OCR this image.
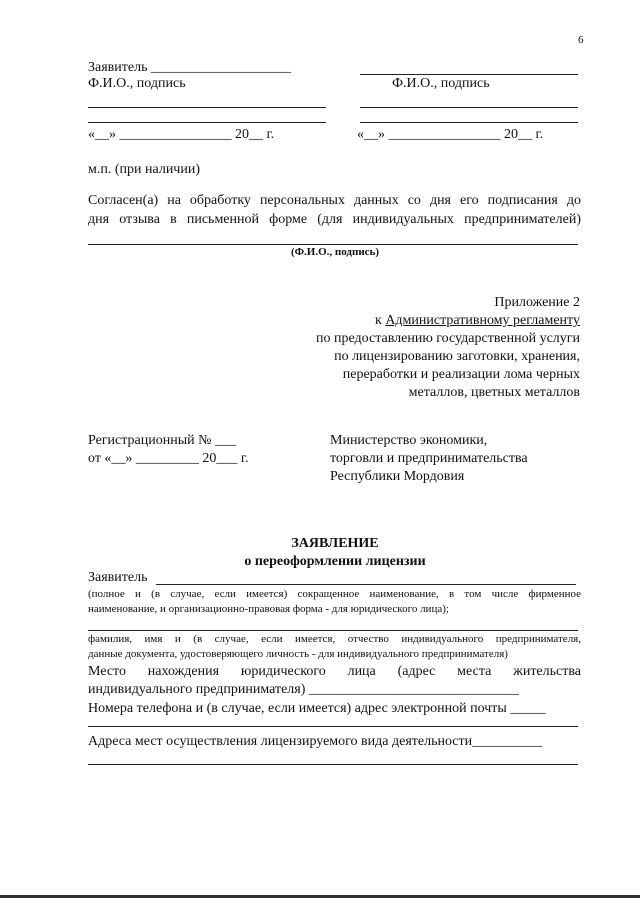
6
Заявитель ____________________
Ф.И.О., подпись	Ф.И.О., подпись
«__» ________________ 20__ г.	«__» ________________ 20__ г.
м.п. (при наличии)
Согласен(а) на обработку персональных данных со дня его подписания до
дня отзыва в письменной форме (для индивидуальных предпринимателей)
(Ф.И.О., подпись)
Приложение 2
к Административному регламенту
по предоставлению государственной услуги
по лицензированию заготовки, хранения,
переработки и реализации лома черных
металлов, цветных металлов
Регистрационный № ___
от «__» _________ 20___ г.
Министерство экономики,
торговли и предпринимательства
Республики Мордовия
ЗАЯВЛЕНИЕ
о переоформлении лицензии
Заявитель
(полное и (в случае, если имеется) сокращенное наименование, в том числе фирменное
наименование, и организационно-правовая форма - для юридического лица);
фамилия, имя и (в случае, если имеется, отчество индивидуального предпринимателя,
данные документа, удостоверяющего личность - для индивидуального предпринимателя)
Место нахождения юридического лица (адрес места жительства
индивидуального предпринимателя) ______________________________
Номера телефона и (в случае, если имеется) адрес электронной почты _____
Адреса мест осуществления лицензируемого вида деятельности__________
